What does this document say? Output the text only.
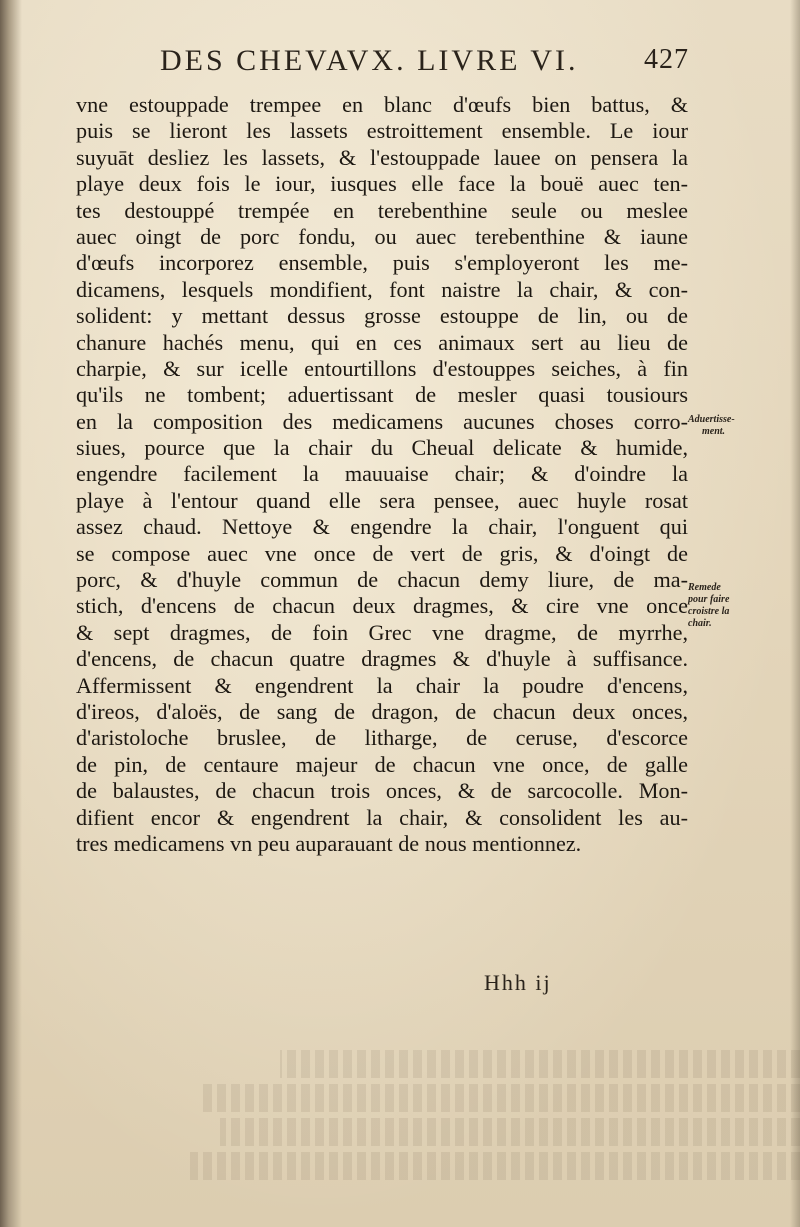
DES CHEVAVX. LIVRE VI. 427
vne estouppade trempee en blanc d'œufs bien battus, &
puis se lieront les lassets estroittement ensemble. Le iour
suyuāt desliez les lassets, & l'estouppade lauee on pensera la
playe deux fois le iour, iusques elle face la bouë auec ten-
tes destouppé trempée en terebenthine seule ou meslee
auec oingt de porc fondu, ou auec terebenthine & iaune
d'œufs incorporez ensemble, puis s'employeront les me-
dicamens, lesquels mondifient, font naistre la chair, & con-
solident: y mettant dessus grosse estouppe de lin, ou de
chanure hachés menu, qui en ces animaux sert au lieu de
charpie, & sur icelle entourtillons d'estouppes seiches, à fin
qu'ils ne tombent; aduertissant de mesler quasi tousiours
en la composition des medicamens aucunes choses corro-
siues, pource que la chair du Cheual delicate & humide,
engendre facilement la mauuaise chair; & d'oindre la
playe à l'entour quand elle sera pensee, auec huyle rosat
assez chaud. Nettoye & engendre la chair, l'onguent qui
se compose auec vne once de vert de gris, & d'oingt de
porc, & d'huyle commun de chacun demy liure, de ma-
stich, d'encens de chacun deux dragmes, & cire vne once
& sept dragmes, de foin Grec vne dragme, de myrrhe,
d'encens, de chacun quatre dragmes & d'huyle à suffisance.
Affermissent & engendrent la chair la poudre d'encens,
d'ireos, d'aloës, de sang de dragon, de chacun deux onces,
d'aristoloche bruslee, de litharge, de ceruse, d'escorce
de pin, de centaure majeur de chacun vne once, de galle
de balaustes, de chacun trois onces, & de sarcocolle. Mon-
difient encor & engendrent la chair, & consolident les au-
tres medicamens vn peu auparauant de nous mentionnez.
Aduertisse-
ment.
Remede
pour faire
croistre la
chair.
Hhh ij
